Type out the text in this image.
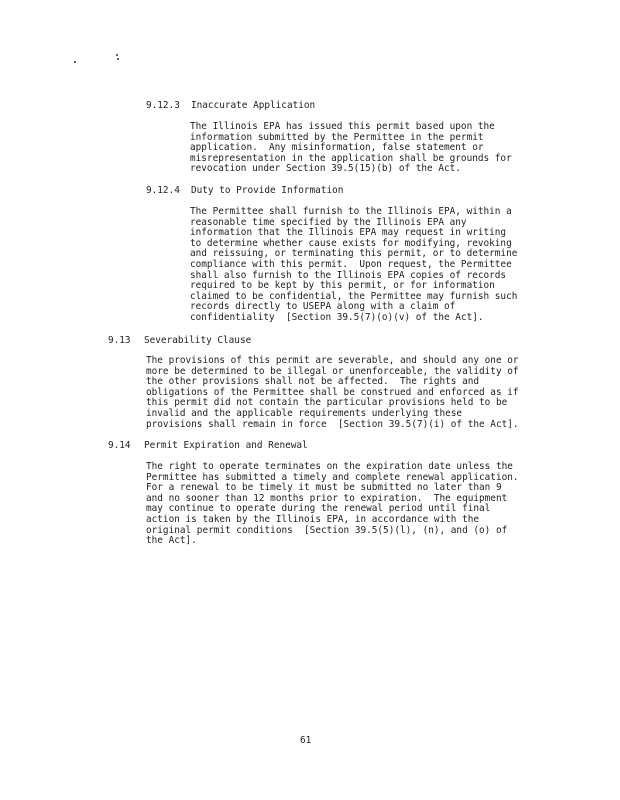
9.12.3 Inaccurate Application

The Illinois EPA has issued this permit based upon the
information submitted by the Permittee in the permit
application.  Any misinformation, false statement or
misrepresentation in the application shall be grounds for
revocation under Section 39.5(15)(b) of the Act.

9.12.4 Duty to Provide Information

The Permittee shall furnish to the Illinois EPA, within a
reasonable time specified by the Illinois EPA any
information that the Illinois EPA may request in writing
to determine whether cause exists for modifying, revoking
and reissuing, or terminating this permit, or to determine
compliance with this permit.  Upon request, the Permittee
shall also furnish to the Illinois EPA copies of records
required to be kept by this permit, or for information
claimed to be confidential, the Permittee may furnish such
records directly to USEPA along with a claim of
confidentiality  [Section 39.5(7)(o)(v) of the Act].

9.13 Severability Clause

The provisions of this permit are severable, and should any one or
more be determined to be illegal or unenforceable, the validity of
the other provisions shall not be affected.  The rights and
obligations of the Permittee shall be construed and enforced as if
this permit did not contain the particular provisions held to be
invalid and the applicable requirements underlying these
provisions shall remain in force  [Section 39.5(7)(i) of the Act].

9.14 Permit Expiration and Renewal

The right to operate terminates on the expiration date unless the
Permittee has submitted a timely and complete renewal application.
For a renewal to be timely it must be submitted no later than 9
and no sooner than 12 months prior to expiration.  The equipment
may continue to operate during the renewal period until final
action is taken by the Illinois EPA, in accordance with the
original permit conditions  [Section 39.5(5)(l), (n), and (o) of
the Act].

61
